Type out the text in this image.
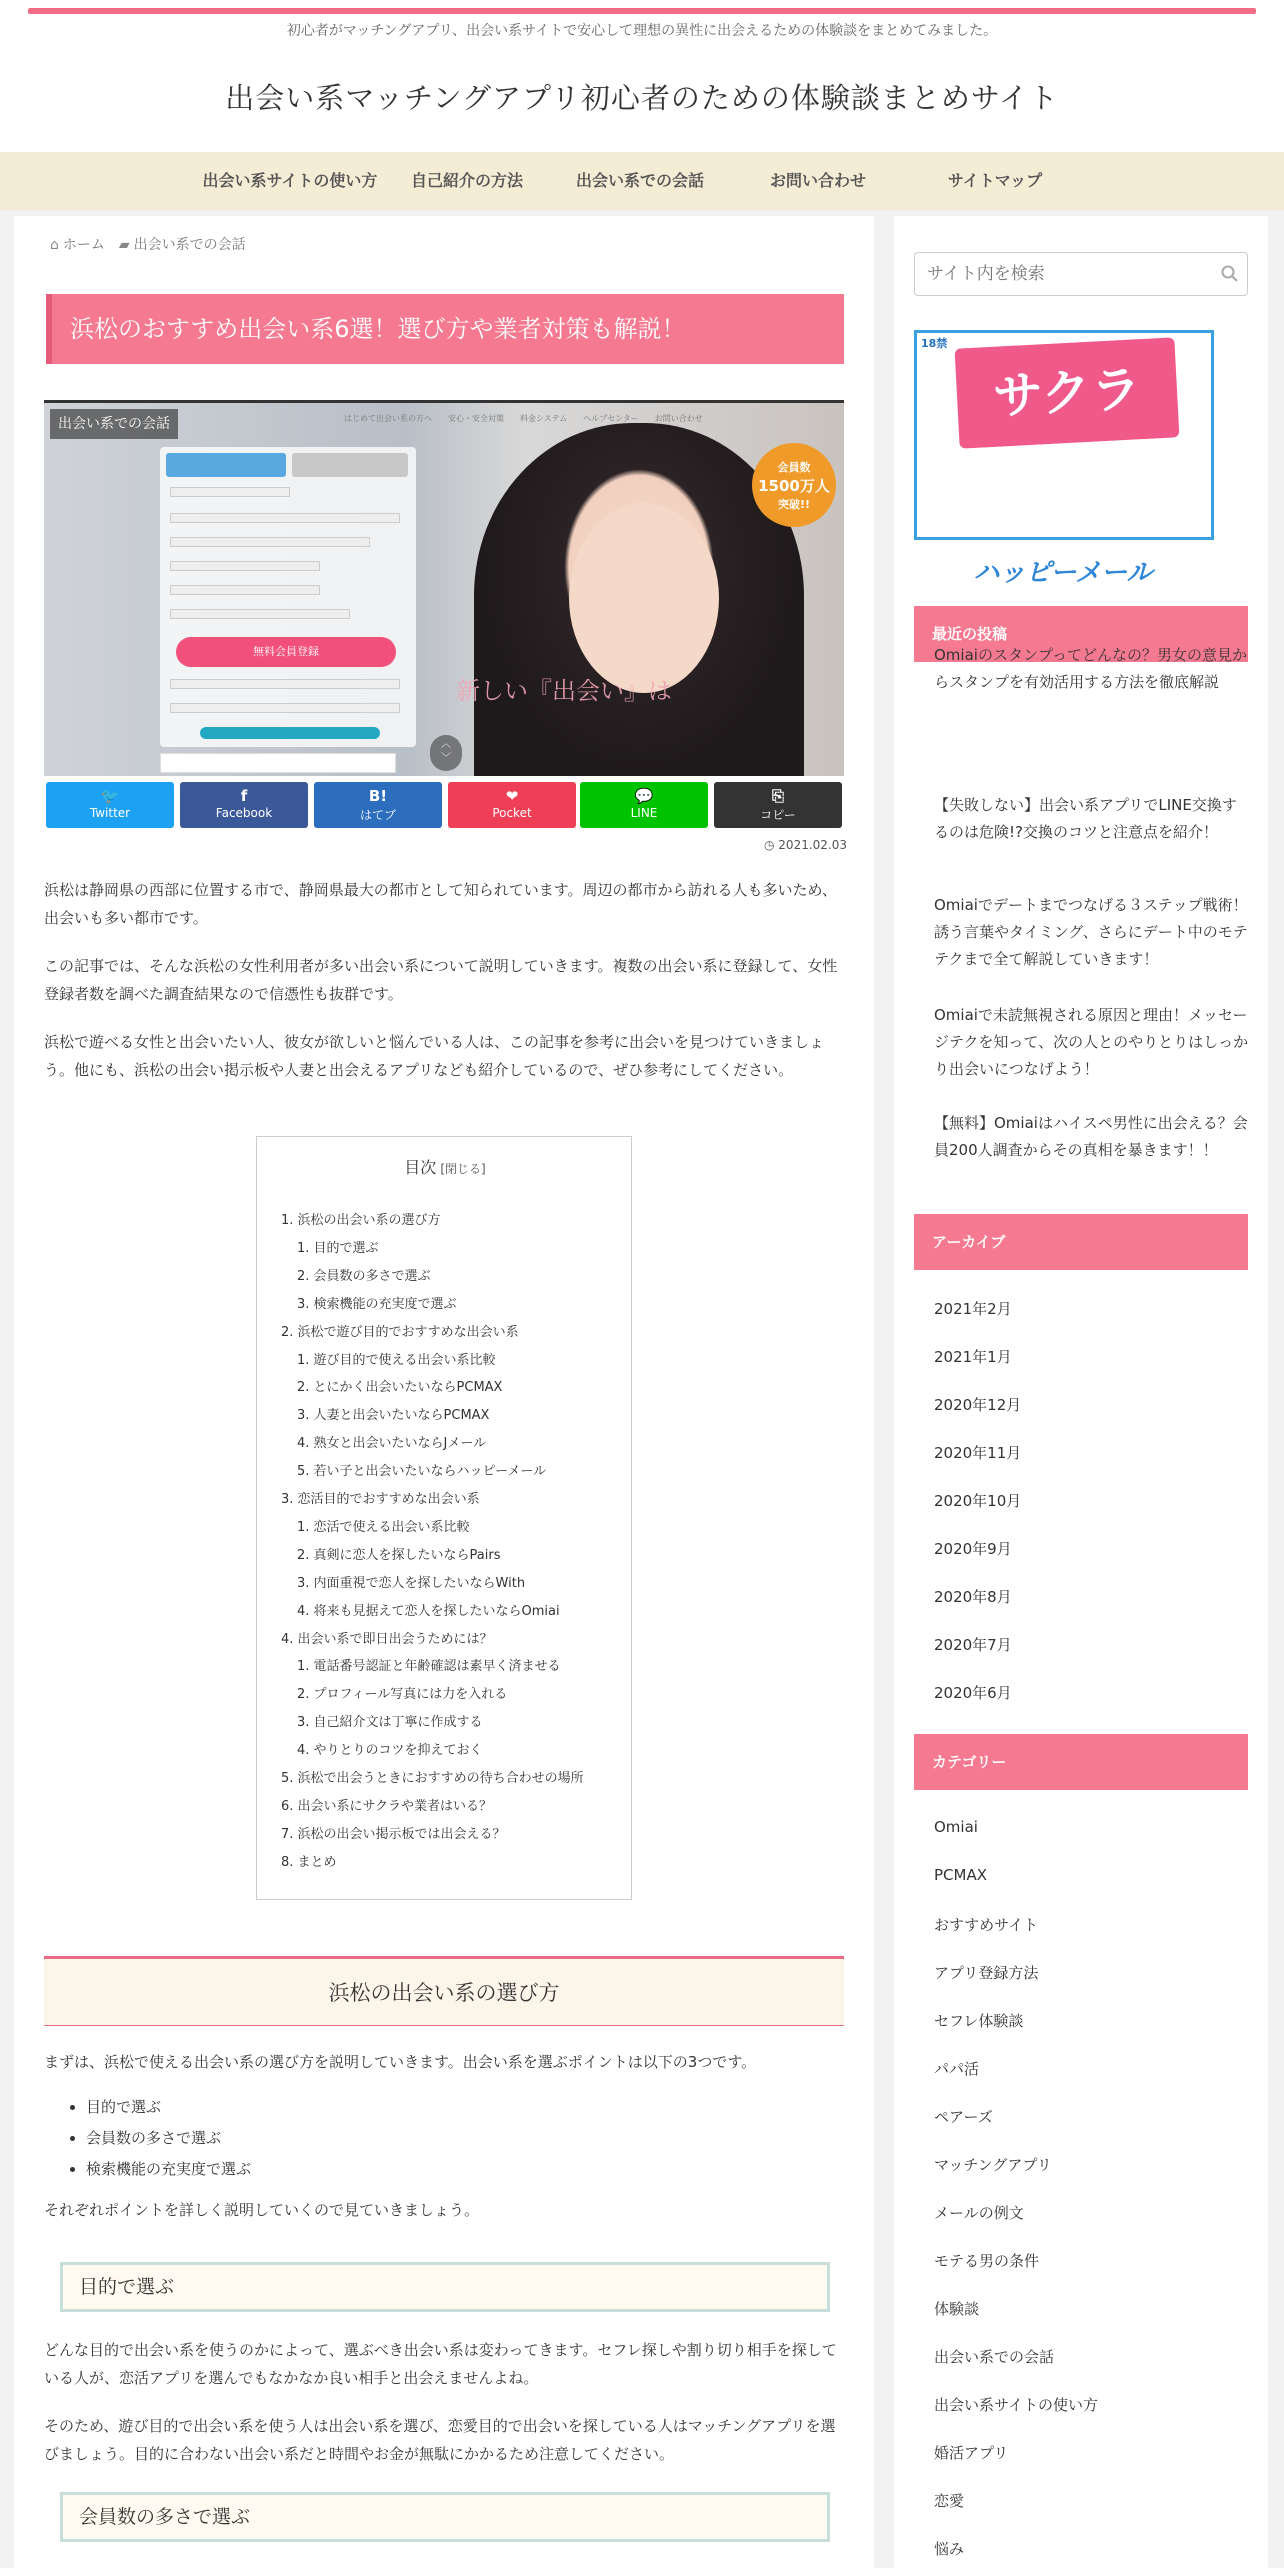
初心者がマッチングアプリ、出会い系サイトで安心して理想の異性に出会えるための体験談をまとめてみました。
出会い系マッチングアプリ初心者のための体験談まとめサイト
出会い系サイトの使い方	自己紹介の方法	出会い系での会話	お問い合わせ	サイトマップ
⌂ ホーム ▰ 出会い系での会話
浜松のおすすめ出会い系6選！選び方や業者対策も解説！
はじめて出会い系の方へ　　安心・安全対策　　料金システム　　ヘルプセンター　　お問い合わせ
無料会員登録
会員数
1500万人
突破!!
新しい『出会い』は
︿
﹀
出会い系での会話
🐦
Twitter
f
Facebook
B!
はてブ
❤
Pocket
💬
LINE
⎘
コピー
◷ 2021.02.03
浜松は静岡県の西部に位置する市で、静岡県最大の都市として知られています。周辺の都市から訪れる人も多いため、出会いも多い都市です。
この記事では、そんな浜松の女性利用者が多い出会い系について説明していきます。複数の出会い系に登録して、女性登録者数を調べた調査結果なので信憑性も抜群です。
浜松で遊べる女性と出会いたい人、彼女が欲しいと悩んでいる人は、この記事を参考に出会いを見つけていきましょう。他にも、浜松の出会い掲示板や人妻と出会えるアプリなども紹介しているので、ぜひ参考にしてください。
目次 [閉じる]
1. 浜松の出会い系の選び方
1. 目的で選ぶ
2. 会員数の多さで選ぶ
3. 検索機能の充実度で選ぶ
2. 浜松で遊び目的でおすすめな出会い系
1. 遊び目的で使える出会い系比較
2. とにかく出会いたいならPCMAX
3. 人妻と出会いたいならPCMAX
4. 熟女と出会いたいならJメール
5. 若い子と出会いたいならハッピーメール
3. 恋活目的でおすすめな出会い系
1. 恋活で使える出会い系比較
2. 真剣に恋人を探したいならPairs
3. 内面重視で恋人を探したいならWith
4. 将来も見据えて恋人を探したいならOmiai
4. 出会い系で即日出会うためには？
1. 電話番号認証と年齢確認は素早く済ませる
2. プロフィール写真には力を入れる
3. 自己紹介文は丁寧に作成する
4. やりとりのコツを抑えておく
5. 浜松で出会うときにおすすめの待ち合わせの場所
6. 出会い系にサクラや業者はいる？
7. 浜松の出会い掲示板では出会える？
8. まとめ
浜松の出会い系の選び方
まずは、浜松で使える出会い系の選び方を説明していきます。出会い系を選ぶポイントは以下の3つです。
• 目的で選ぶ
• 会員数の多さで選ぶ
• 検索機能の充実度で選ぶ
それぞれポイントを詳しく説明していくので見ていきましょう。
目的で選ぶ
どんな目的で出会い系を使うのかによって、選ぶべき出会い系は変わってきます。セフレ探しや割り切り相手を探している人が、恋活アプリを選んでもなかなか良い相手と出会えませんよね。
そのため、遊び目的で出会い系を使う人は出会い系を選び、恋愛目的で出会いを探している人はマッチングアプリを選びましょう。目的に合わない出会い系だと時間やお金が無駄にかかるため注意してください。
会員数の多さで選ぶ
サイト内を検索
18禁
サクラ
ハッピーメール
最近の投稿
Omiaiのスタンプってどんなの？男女の意見からスタンプを有効活用する方法を徹底解説
【失敗しない】出会い系アプリでLINE交換するのは危険!?交換のコツと注意点を紹介！
Omiaiでデートまでつなげる３ステップ戦術！誘う言葉やタイミング、さらにデート中のモテテクまで全て解説していきます！
Omiaiで未読無視される原因と理由！メッセージテクを知って、次の人とのやりとりはしっかり出会いにつなげよう！
【無料】Omiaiはハイスペ男性に出会える？会員200人調査からその真相を暴きます！！
アーカイブ
2021年2月
2021年1月
2020年12月
2020年11月
2020年10月
2020年9月
2020年8月
2020年7月
2020年6月
カテゴリー
Omiai
PCMAX
おすすめサイト
アプリ登録方法
セフレ体験談
パパ活
ペアーズ
マッチングアプリ
メールの例文
モテる男の条件
体験談
出会い系での会話
出会い系サイトの使い方
婚活アプリ
恋愛
悩み
